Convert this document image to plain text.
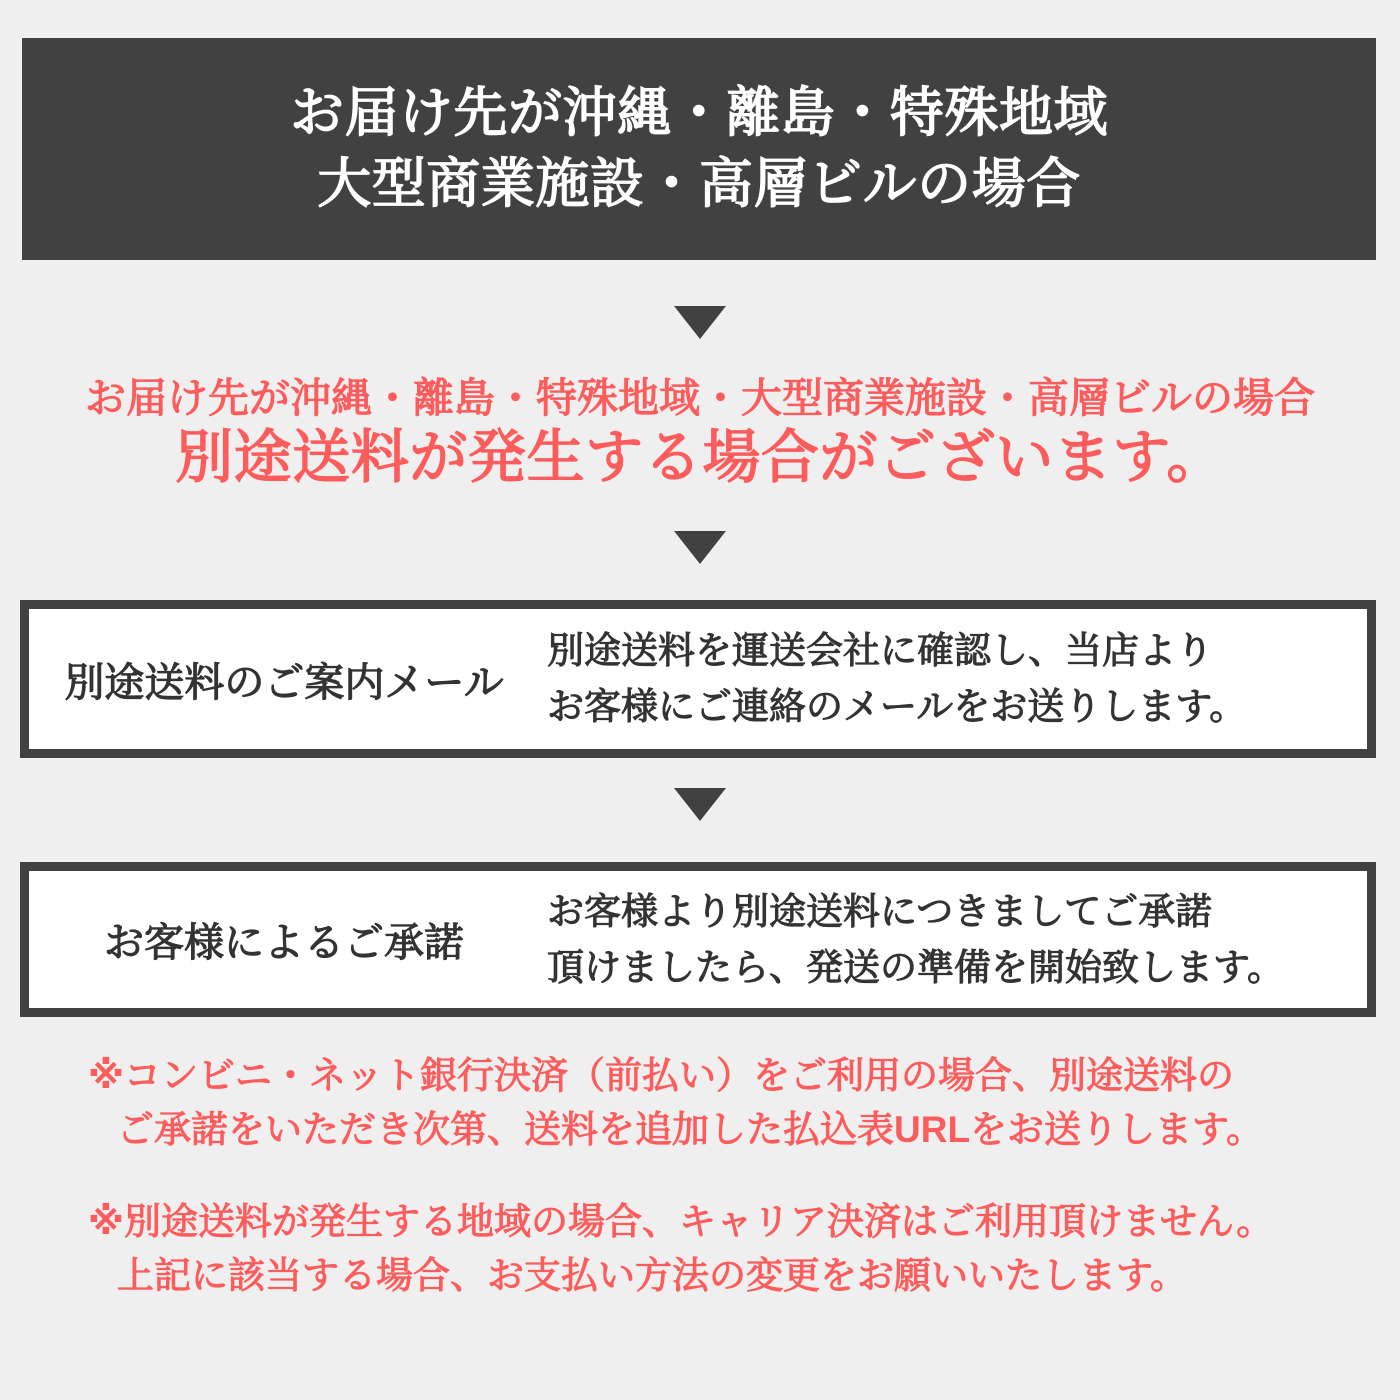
お届け先が沖縄・離島・特殊地域
大型商業施設・高層ビルの場合
お届け先が沖縄・離島・特殊地域・大型商業施設・高層ビルの場合
別途送料が発生する場合がございます。
別途送料のご案内メール
別途送料を運送会社に確認し、当店より
お客様にご連絡のメールをお送りします。
お客様によるご承諾
お客様より別途送料につきましてご承諾
頂けましたら、発送の準備を開始致します。
※コンビニ・ネット銀行決済（前払い）をご利用の場合、別途送料の
ご承諾をいただき次第、送料を追加した払込表URLをお送りします。
※別途送料が発生する地域の場合、キャリア決済はご利用頂けません。
上記に該当する場合、お支払い方法の変更をお願いいたします。
